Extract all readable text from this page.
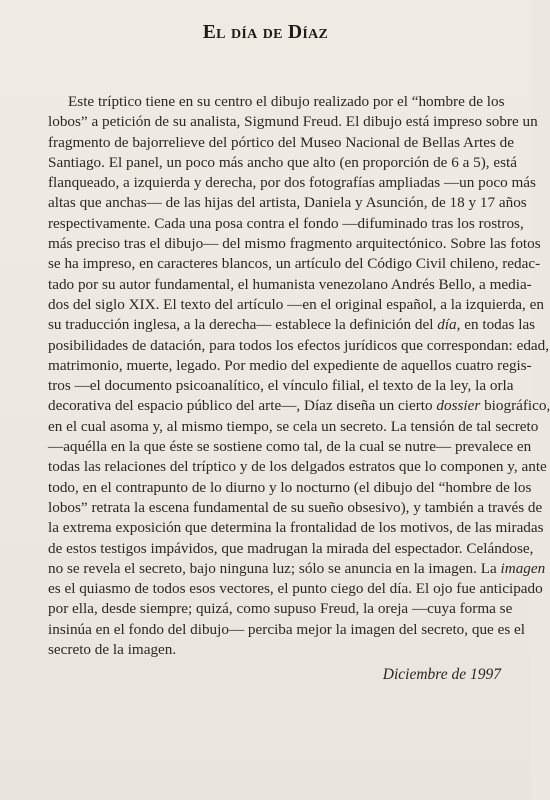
El día de Díaz
Este tríptico tiene en su centro el dibujo realizado por el “hombre de los
lobos” a petición de su analista, Sigmund Freud. El dibujo está impreso sobre un
fragmento de bajorrelieve del pórtico del Museo Nacional de Bellas Artes de
Santiago. El panel, un poco más ancho que alto (en proporción de 6 a 5), está
flanqueado, a izquierda y derecha, por dos fotografías ampliadas —un poco más
altas que anchas— de las hijas del artista, Daniela y Asunción, de 18 y 17 años
respectivamente. Cada una posa contra el fondo —difuminado tras los rostros,
más preciso tras el dibujo— del mismo fragmento arquitectónico. Sobre las fotos
se ha impreso, en caracteres blancos, un artículo del Código Civil chileno, redac-
tado por su autor fundamental, el humanista venezolano Andrés Bello, a media-
dos del siglo XIX. El texto del artículo —en el original español, a la izquierda, en
su traducción inglesa, a la derecha— establece la definición del día, en todas las
posibilidades de datación, para todos los efectos jurídicos que correspondan: edad,
matrimonio, muerte, legado. Por medio del expediente de aquellos cuatro regis-
tros —el documento psicoanalítico, el vínculo filial, el texto de la ley, la orla
decorativa del espacio público del arte—, Díaz diseña un cierto dossier biográfico,
en el cual asoma y, al mismo tiempo, se cela un secreto. La tensión de tal secreto
—aquélla en la que éste se sostiene como tal, de la cual se nutre— prevalece en
todas las relaciones del tríptico y de los delgados estratos que lo componen y, ante
todo, en el contrapunto de lo diurno y lo nocturno (el dibujo del “hombre de los
lobos” retrata la escena fundamental de su sueño obsesivo), y también a través de
la extrema exposición que determina la frontalidad de los motivos, de las miradas
de estos testigos impávidos, que madrugan la mirada del espectador. Celándose,
no se revela el secreto, bajo ninguna luz; sólo se anuncia en la imagen. La imagen
es el quiasmo de todos esos vectores, el punto ciego del día. El ojo fue anticipado
por ella, desde siempre; quizá, como supuso Freud, la oreja —cuya forma se
insinúa en el fondo del dibujo— perciba mejor la imagen del secreto, que es el
secreto de la imagen.
Diciembre de 1997
